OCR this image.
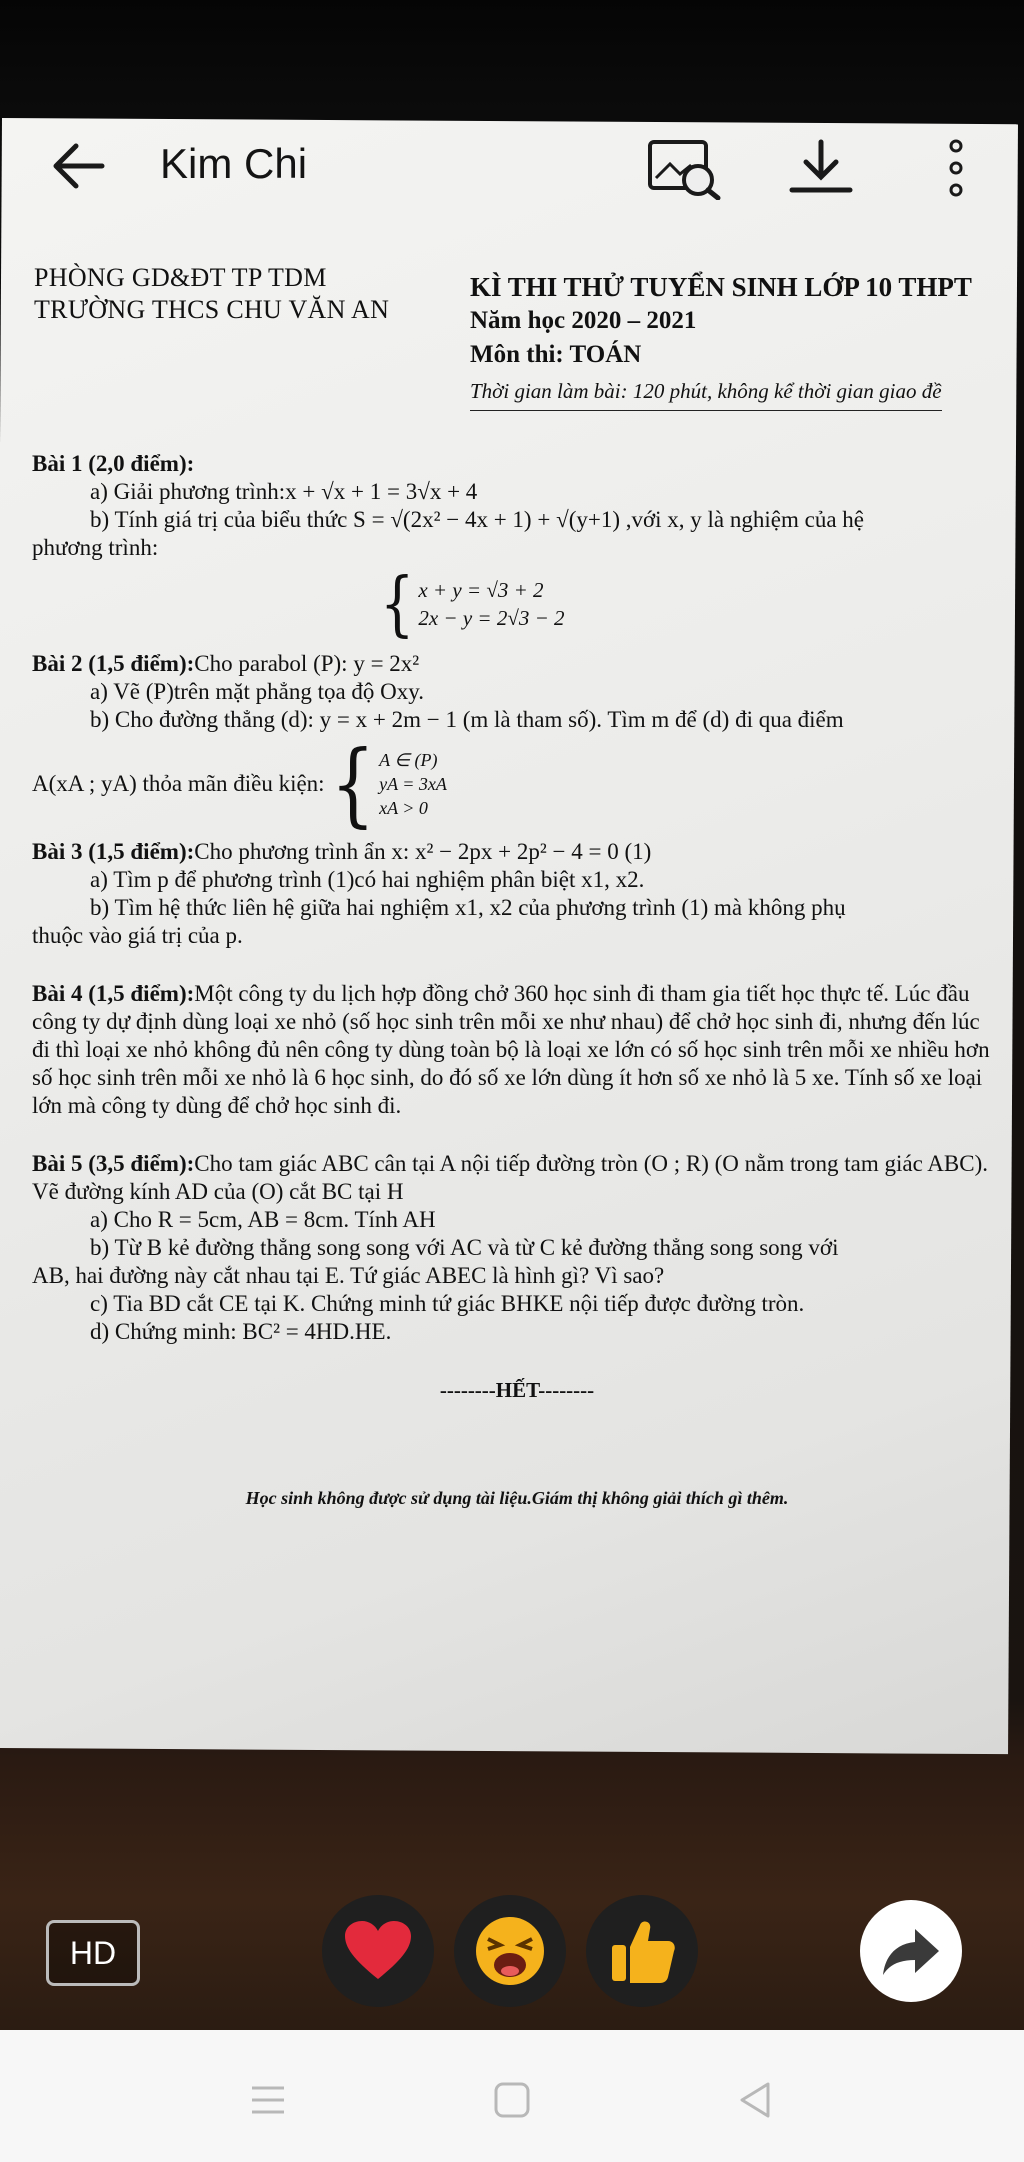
Kim Chi
PHÒNG GD&ĐT TP TDM
TRƯỜNG THCS CHU VĂN AN
KÌ THI THỬ TUYỂN SINH LỚP 10 THPT
Năm học 2020 – 2021
Môn thi: TOÁN
Thời gian làm bài: 120 phút, không kể thời gian giao đề
Bài 1 (2,0 điểm):
a) Giải phương trình:x + √x + 1 = 3√x + 4
b) Tính giá trị của biểu thức S = √(2x² − 4x + 1) + √(y+1) ,với x, y là nghiệm của hệ
phương trình:
{ x + y = √3 + 2
2x − y = 2√3 − 2
Bài 2 (1,5 điểm):Cho parabol (P): y = 2x²
a) Vẽ (P)trên mặt phẳng tọa độ Oxy.
b) Cho đường thẳng (d): y = x + 2m − 1 (m là tham số). Tìm m để (d) đi qua điểm
A(xA ; yA) thỏa mãn điều kiện: { A ∈ (P)
yA = 3xA
xA > 0
Bài 3 (1,5 điểm):Cho phương trình ẩn x: x² − 2px + 2p² − 4 = 0 (1)
a) Tìm p để phương trình (1)có hai nghiệm phân biệt x1, x2.
b) Tìm hệ thức liên hệ giữa hai nghiệm x1, x2 của phương trình (1) mà không phụ
thuộc vào giá trị của p.
Bài 4 (1,5 điểm):Một công ty du lịch hợp đồng chở 360 học sinh đi tham gia tiết học thực tế. Lúc đầu công ty dự định dùng loại xe nhỏ (số học sinh trên mỗi xe như nhau) để chở học sinh đi, nhưng đến lúc đi thì loại xe nhỏ không đủ nên công ty dùng toàn bộ là loại xe lớn có số học sinh trên mỗi xe nhiều hơn số học sinh trên mỗi xe nhỏ là 6 học sinh, do đó số xe lớn dùng ít hơn số xe nhỏ là 5 xe. Tính số xe loại lớn mà công ty dùng để chở học sinh đi.
Bài 5 (3,5 điểm):Cho tam giác ABC cân tại A nội tiếp đường tròn (O ; R) (O nằm trong tam giác ABC). Vẽ đường kính AD của (O) cắt BC tại H
a) Cho R = 5cm, AB = 8cm. Tính AH
b) Từ B kẻ đường thẳng song song với AC và từ C kẻ đường thẳng song song với
AB, hai đường này cắt nhau tại E. Tứ giác ABEC là hình gì? Vì sao?
c) Tia BD cắt CE tại K. Chứng minh tứ giác BHKE nội tiếp được đường tròn.
d) Chứng minh: BC² = 4HD.HE.
--------HẾT--------
Học sinh không được sử dụng tài liệu.Giám thị không giải thích gì thêm.
HD
